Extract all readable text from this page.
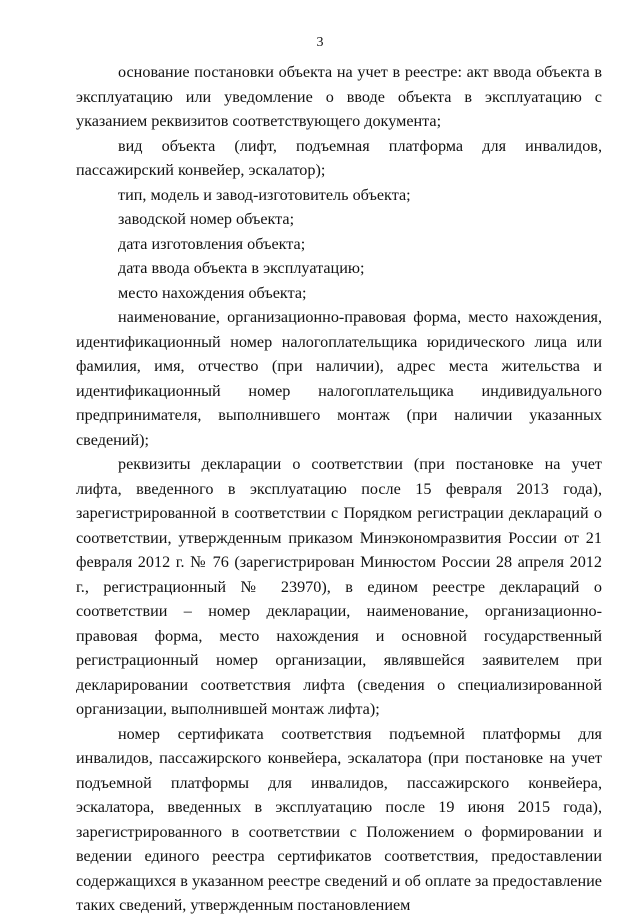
3

основание постановки объекта на учет в реестре: акт ввода объекта в эксплуатацию или уведомление о вводе объекта в эксплуатацию с указанием реквизитов соответствующего документа;

вид объекта (лифт, подъемная платформа для инвалидов, пассажирский конвейер, эскалатор);

тип, модель и завод-изготовитель объекта;

заводской номер объекта;

дата изготовления объекта;

дата ввода объекта в эксплуатацию;

место нахождения объекта;

наименование, организационно-правовая форма, место нахождения, идентификационный номер налогоплательщика юридического лица или фамилия, имя, отчество (при наличии), адрес места жительства и идентификационный номер налогоплательщика индивидуального предпринимателя, выполнившего монтаж (при наличии указанных сведений);

реквизиты декларации о соответствии (при постановке на учет лифта, введенного в эксплуатацию после 15 февраля 2013 года), зарегистрированной в соответствии с Порядком регистрации деклараций о соответствии, утвержденным приказом Минэкономразвития России от 21 февраля 2012 г. № 76 (зарегистрирован Минюстом России 28 апреля 2012 г., регистрационный № 23970), в едином реестре деклараций о соответствии – номер декларации, наименование, организационно-правовая форма, место нахождения и основной государственный регистрационный номер организации, являвшейся заявителем при декларировании соответствия лифта (сведения о специализированной организации, выполнившей монтаж лифта);

номер сертификата соответствия подъемной платформы для инвалидов, пассажирского конвейера, эскалатора (при постановке на учет подъемной платформы для инвалидов, пассажирского конвейера, эскалатора, введенных в эксплуатацию после 19 июня 2015 года), зарегистрированного в соответствии с Положением о формировании и ведении единого реестра сертификатов соответствия, предоставлении содержащихся в указанном реестре сведений и об оплате за предоставление таких сведений, утвержденным постановлением
